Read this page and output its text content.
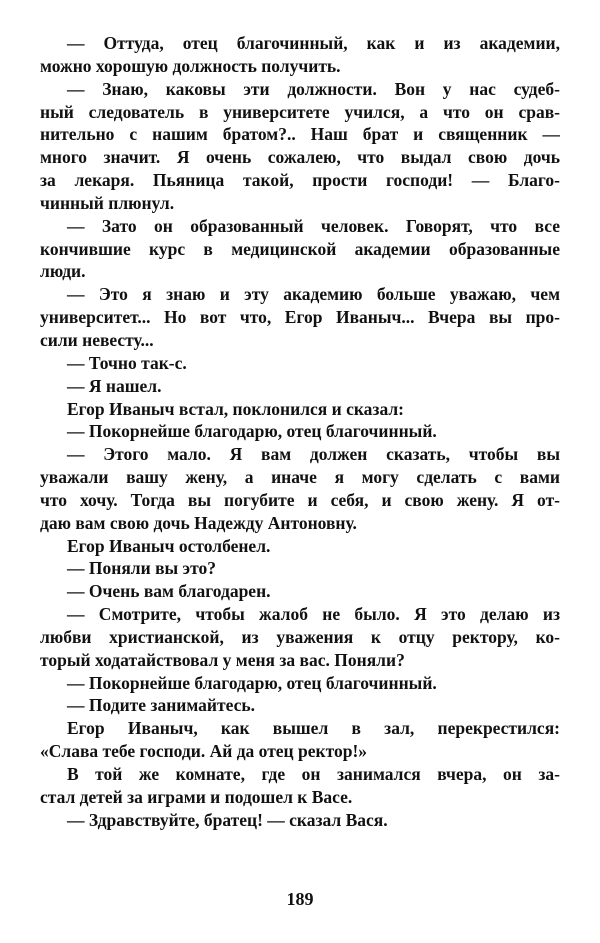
— Оттуда, отец благочинный, как и из академии,
можно хорошую должность получить.
— Знаю, каковы эти должности. Вон у нас судеб-
ный следователь в университете учился, а что он срав-
нительно с нашим братом?.. Наш брат и священник —
много значит. Я очень сожалею, что выдал свою дочь
за лекаря. Пьяница такой, прости господи! — Благо-
чинный плюнул.
— Зато он образованный человек. Говорят, что все
кончившие курс в медицинской академии образованные
люди.
— Это я знаю и эту академию больше уважаю, чем
университет... Но вот что, Егор Иваныч... Вчера вы про-
сили невесту...
— Точно так-с.
— Я нашел.
Егор Иваныч встал, поклонился и сказал:
— Покорнейше благодарю, отец благочинный.
— Этого мало. Я вам должен сказать, чтобы вы
уважали вашу жену, а иначе я могу сделать с вами
что хочу. Тогда вы погубите и себя, и свою жену. Я от-
даю вам свою дочь Надежду Антоновну.
Егор Иваныч остолбенел.
— Поняли вы это?
— Очень вам благодарен.
— Смотрите, чтобы жалоб не было. Я это делаю из
любви христианской, из уважения к отцу ректору, ко-
торый ходатайствовал у меня за вас. Поняли?
— Покорнейше благодарю, отец благочинный.
— Подите занимайтесь.
Егор Иваныч, как вышел в зал, перекрестился:
«Слава тебе господи. Ай да отец ректор!»
В той же комнате, где он занимался вчера, он за-
стал детей за играми и подошел к Васе.
— Здравствуйте, братец! — сказал Вася.
189
